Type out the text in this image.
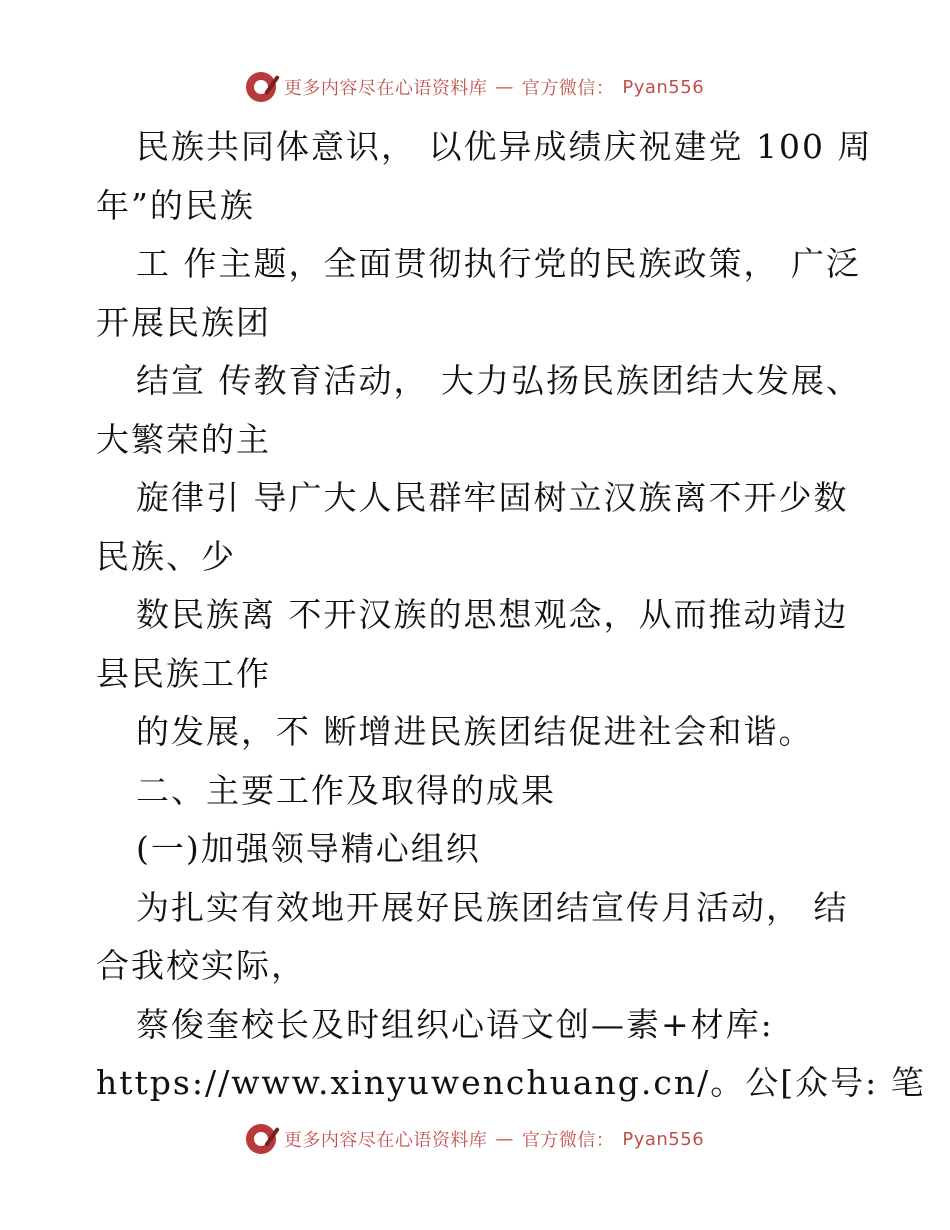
更多内容尽在心语资料库 — 官方微信： Pyan556
民族共同体意识， 以优异成绩庆祝建党 100 周
年”的民族
工 作主题，全面贯彻执行党的民族政策， 广泛
开展民族团
结宣 传教育活动， 大力弘扬民族团结大发展、
大繁荣的主
旋律引 导广大人民群牢固树立汉族离不开少数
民族、少
数民族离 不开汉族的思想观念，从而推动靖边
县民族工作
的发展，不 断增进民族团结促进社会和谐。
二、主要工作及取得的成果
(一)加强领导精心组织
为扎实有效地开展好民族团结宣传月活动， 结
合我校实际，
蔡俊奎校长及时组织心语文创—素+材库:
https://www.xinyuwenchuang.cn/。公[众号: 笔
更多内容尽在心语资料库 — 官方微信： Pyan556
